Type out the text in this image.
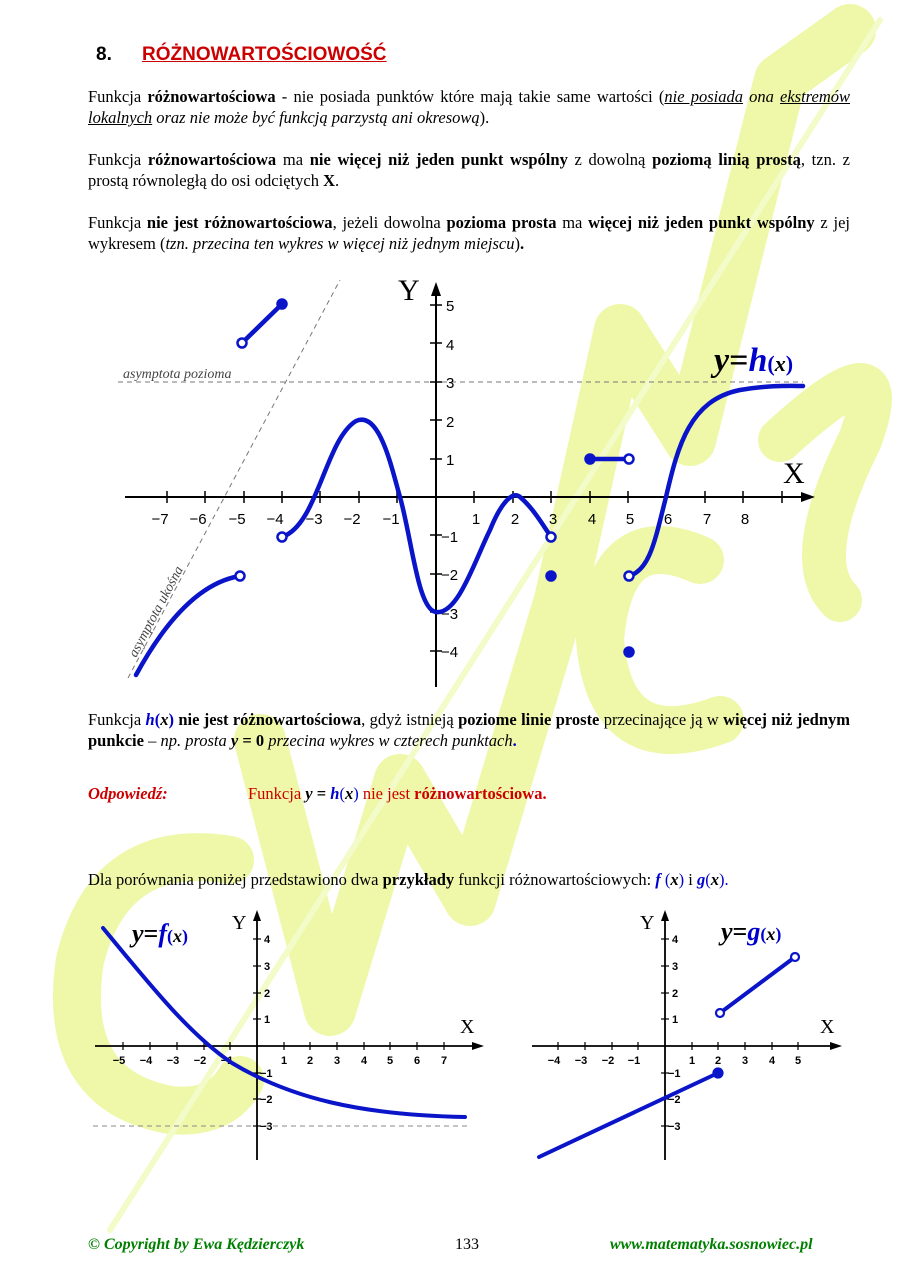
8. RÓŻNOWARTOŚCIOWOŚĆ
Funkcja różnowartościowa - nie posiada punktów które mają takie same wartości (nie posiada ona ekstremów lokalnych oraz nie może być funkcją parzystą ani okresową).
Funkcja różnowartościowa ma nie więcej niż jeden punkt wspólny z dowolną poziomą linią prostą, tzn. z prostą równoległą do osi odciętych X.
Funkcja nie jest różnowartościowa, jeżeli dowolna pozioma prosta ma więcej niż jeden punkt wspólny z jej wykresem (tzn. przecina ten wykres w więcej niż jednym miejscu).
asymptota pozioma
asymptota ukośna
−7 −6 −5 −4 −3 −2 −1	1 2 3 4 5 6 7 8
5
4
3
2
1
−1
−2
−3
−4
Y
X
y=h(x)
Funkcja h(x) nie jest różnowartościowa, gdyż istnieją poziome linie proste przecinające ją w więcej niż jednym punkcie – np. prosta y = 0 przecina wykres w czterech punktach.
Odpowiedź:	Funkcja y = h(x) nie jest różnowartościowa.
Dla porównania poniżej przedstawiono dwa przykłady funkcji różnowartościowych: f (x) i g(x).
−5 −4 −3 −2 −1	1 2 3 4 5 6 7
4
3
2
1
−1
−2
−3
Y
X
y=f(x)
−4 −3 −2 −1	1 2 3 4 5
4
3
2
1
−1
−2
−3
Y
X
y=g(x)
© Copyright by Ewa Kędzierczyk	133	www.matematyka.sosnowiec.pl
